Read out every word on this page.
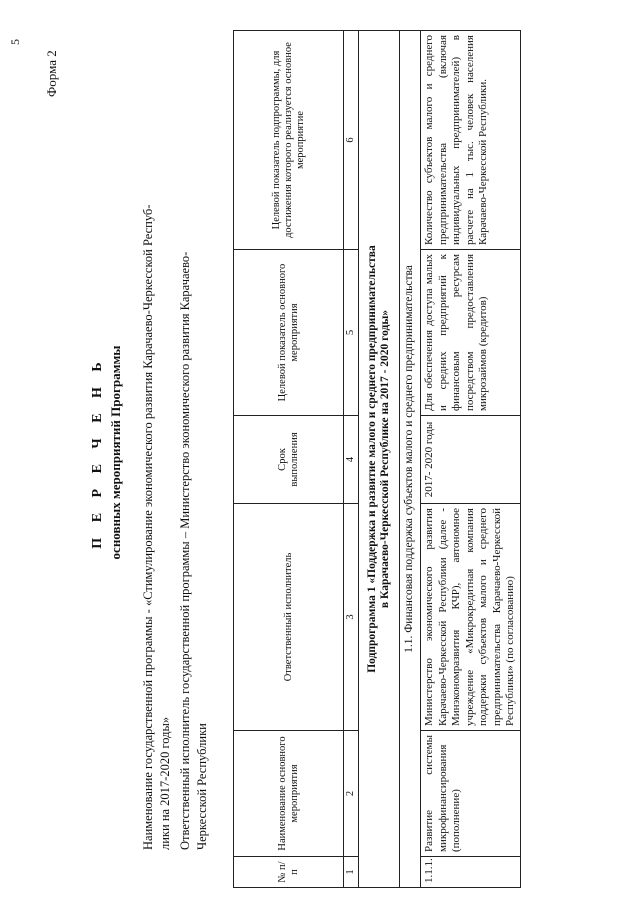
5
Форма 2
П Е Р Е Ч Е Н Ь основных мероприятий Программы Наименование государственной программы - «Стимулирование экономического развития Карачаево-Черкесской Респуб- лики на 2017-2020 годы» Ответственный исполнитель государственной программы – Министерство экономического развития Карачаево- Черкесской Республики
№ п/п	Наименование основного мероприятия	Ответственный исполнитель	Срок выполнения	Целевой показатель основного мероприятия	Целевой показатель подпрограммы, для достижения которого реализуется основное мероприятие
1	2	3	4	5	6

Подпрограмма 1 «Поддержка и развитие малого и среднего предпринимательства в Карачаево-Черкесской Республике на 2017 - 2020 годы»					

1.1. Финансовая поддержка субъектов малого и среднего предпринимательства					
1.1.1.	Развитие системы микрофинансирования (пополнение)	Министерство экономического развития Карачаево-Черкесской Республики (далее - Минэкономразвития КЧР), автономное учреждение «Микрокредитная компания поддержки субъектов малого и среднего предпринимательства Карачаево-Черкесской Республики» (по согласованию)	2017- 2020 годы	Для обеспечения доступа малых и средних предприятий к финансовым ресурсам посредством предоставления микрозаймов (кредитов)	Количество субъектов малого и среднего предпринимательства (включая индивидуальных предпринимателей) в расчете на 1 тыс. человек населения Карачаево-Черкесской Республики.
